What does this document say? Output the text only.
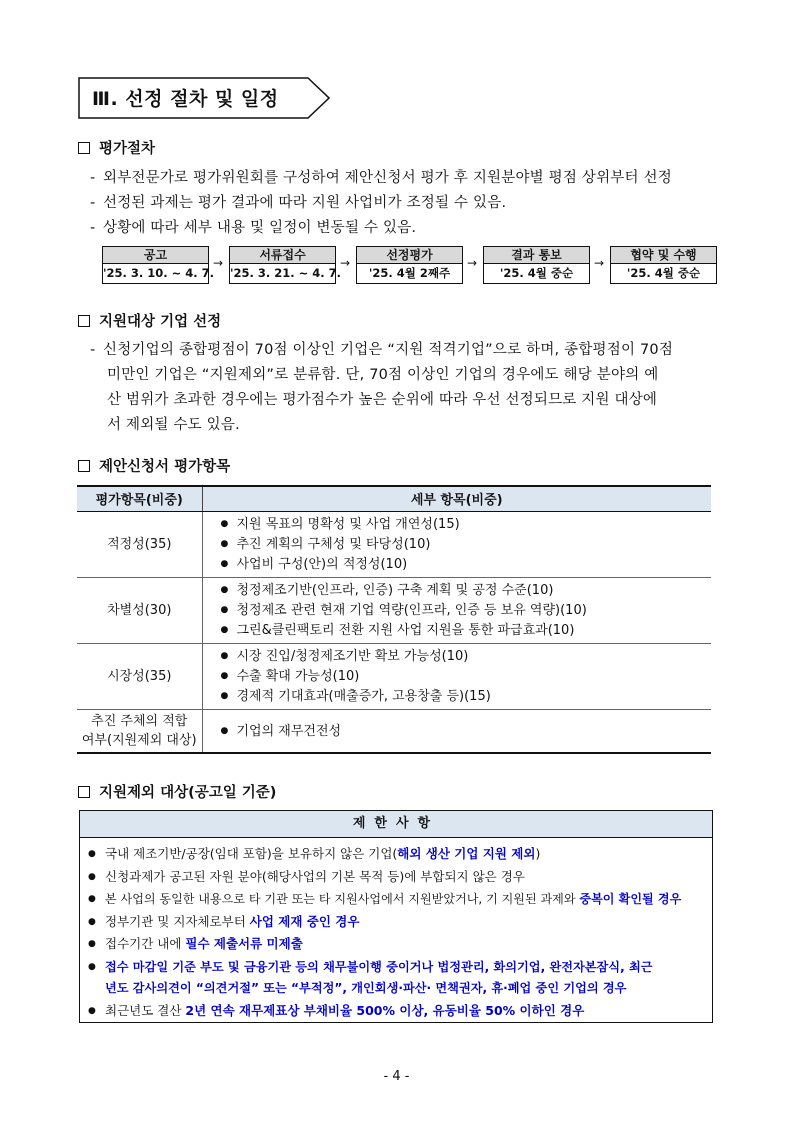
Ⅲ. 선정 절차 및 일정
평가절차
- 외부전문가로 평가위원회를 구성하여 제안신청서 평가 후 지원분야별 평점 상위부터 선정
- 선정된 과제는 평가 결과에 따라 지원 사업비가 조정될 수 있음.
- 상황에 따라 세부 내용 및 일정이 변동될 수 있음.
공고
'25. 3. 10. ~ 4. 7.
→
서류접수
'25. 3. 21. ~ 4. 7.
→
선정평가
'25. 4월 2째주
→
결과 통보
'25. 4월 중순
→
협약 및 수행
'25. 4월 중순
지원대상 기업 선정
- 신청기업의 종합평점이 70점 이상인 기업은 “지원 적격기업”으로 하며, 종합평점이 70점
미만인 기업은 “지원제외”로 분류함. 단, 70점 이상인 기업의 경우에도 해당 분야의 예
산 범위가 초과한 경우에는 평가점수가 높은 순위에 따라 우선 선정되므로 지원 대상에
서 제외될 수도 있음.
제안신청서 평가항목
평가항목(비중)	세부 항목(비중)
적정성(35)	● 지원 목표의 명확성 및 사업 개연성(15)
● 추진 계획의 구체성 및 타당성(10)
● 사업비 구성(안)의 적정성(10)

차별성(30)	● 청정제조기반(인프라, 인증) 구축 계획 및 공정 수준(10)
● 청정제조 관련 현재 기업 역량(인프라, 인증 등 보유 역량)(10)
● 그린&클린팩토리 전환 지원 사업 지원을 통한 파급효과(10)

시장성(35)	● 시장 진입/청정제조기반 확보 가능성(10)
● 수출 확대 가능성(10)
● 경제적 기대효과(매출증가, 고용창출 등)(15)

추진 주체의 적합
여부(지원제외 대상)	● 기업의 재무건전성
지원제외 대상(공고일 기준)
제한사항
● 국내 제조기반/공장(임대 포함)을 보유하지 않은 기업(해외 생산 기업 지원 제외)
● 신청과제가 공고된 자원 분야(해당사업의 기본 목적 등)에 부합되지 않은 경우
● 본 사업의 동일한 내용으로 타 기관 또는 타 지원사업에서 지원받았거나, 기 지원된 과제와 중복이 확인될 경우
● 정부기관 및 지자체로부터 사업 제재 중인 경우
● 접수기간 내에 필수 제출서류 미제출
● 접수 마감일 기준 부도 및 금융기관 등의 채무불이행 중이거나 법정관리, 화의기업, 완전자본잠식, 최근
년도 감사의견이 “의견거절” 또는 “부적정”, 개인회생·파산· 면책권자, 휴·폐업 중인 기업의 경우
● 최근년도 결산 2년 연속 재무제표상 부채비율 500% 이상, 유동비율 50% 이하인 경우
- 4 -
